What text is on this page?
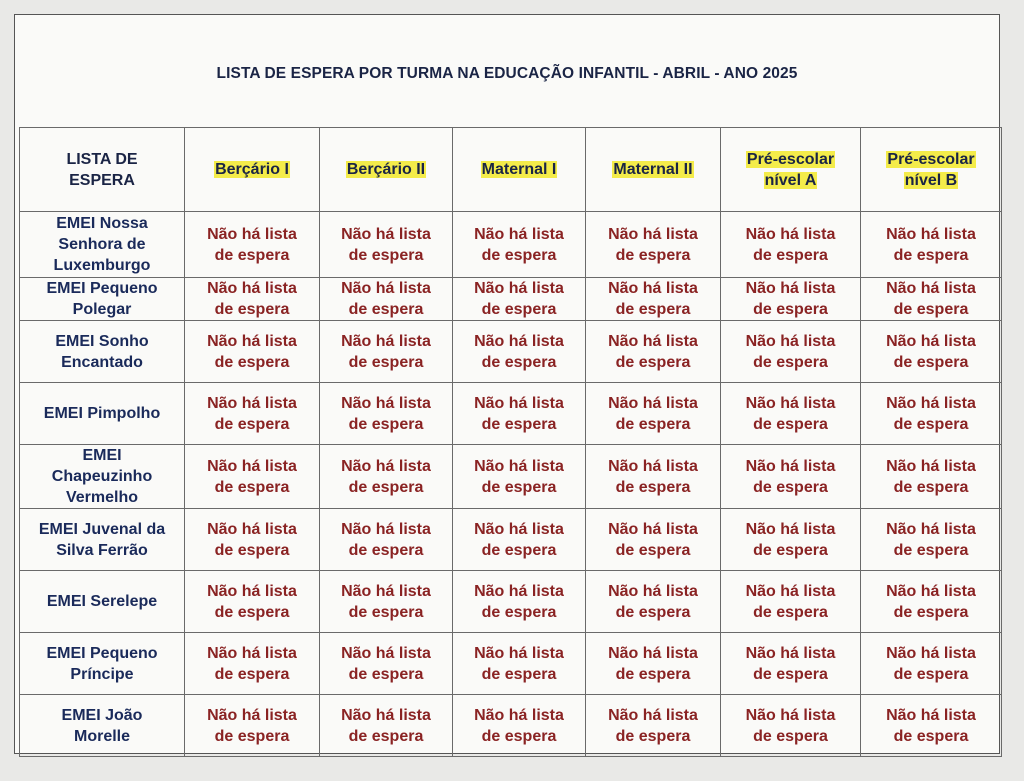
LISTA DE ESPERA POR TURMA NA EDUCAÇÃO INFANTIL - ABRIL - ANO 2025
LISTA DE
ESPERA	Berçário I	Berçário II	Maternal I	Maternal II	Pré-escolar
nível A	Pré-escolar
nível B
EMEI Nossa
Senhora de
Luxemburgo	Não há lista
de espera	Não há lista
de espera	Não há lista
de espera	Não há lista
de espera	Não há lista
de espera	Não há lista
de espera
EMEI Pequeno
Polegar	Não há lista
de espera	Não há lista
de espera	Não há lista
de espera	Não há lista
de espera	Não há lista
de espera	Não há lista
de espera
EMEI Sonho
Encantado	Não há lista
de espera	Não há lista
de espera	Não há lista
de espera	Não há lista
de espera	Não há lista
de espera	Não há lista
de espera
EMEI Pimpolho	Não há lista
de espera	Não há lista
de espera	Não há lista
de espera	Não há lista
de espera	Não há lista
de espera	Não há lista
de espera
EMEI
Chapeuzinho
Vermelho	Não há lista
de espera	Não há lista
de espera	Não há lista
de espera	Não há lista
de espera	Não há lista
de espera	Não há lista
de espera
EMEI Juvenal da
Silva Ferrão	Não há lista
de espera	Não há lista
de espera	Não há lista
de espera	Não há lista
de espera	Não há lista
de espera	Não há lista
de espera
EMEI Serelepe	Não há lista
de espera	Não há lista
de espera	Não há lista
de espera	Não há lista
de espera	Não há lista
de espera	Não há lista
de espera
EMEI Pequeno
Príncipe	Não há lista
de espera	Não há lista
de espera	Não há lista
de espera	Não há lista
de espera	Não há lista
de espera	Não há lista
de espera
EMEI João
Morelle	Não há lista
de espera	Não há lista
de espera	Não há lista
de espera	Não há lista
de espera	Não há lista
de espera	Não há lista
de espera
